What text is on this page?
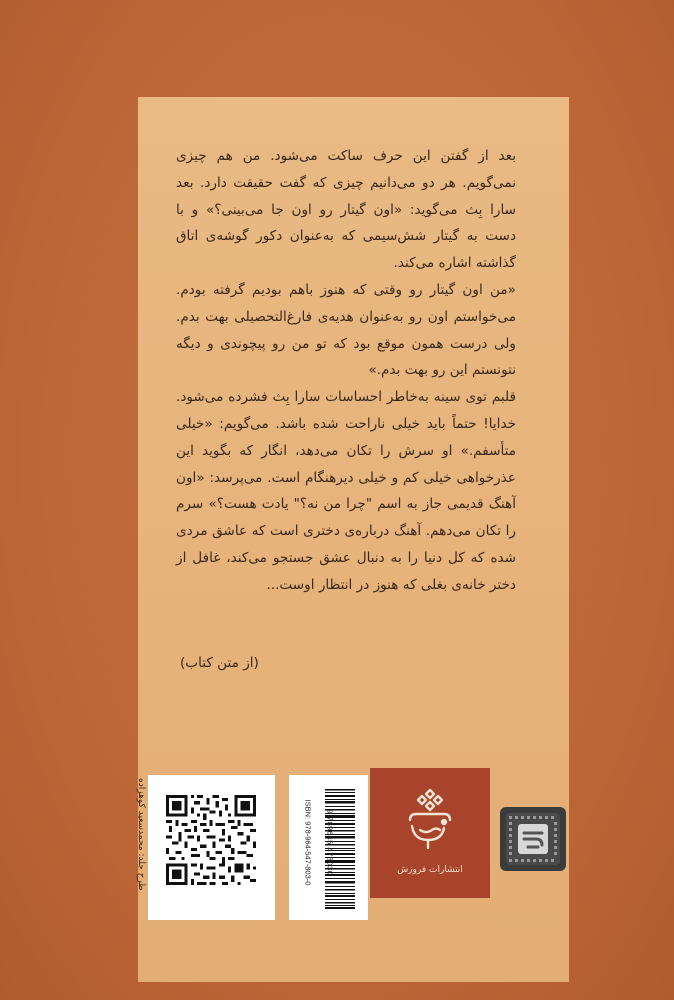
بعد از گفتن این حرف ساکت می‌شود. من هم چیزی نمی‌گویم. هر دو می‌دانیم چیزی که گفت حقیقت دارد. بعد سارا بِث می‌گوید: «اون گیتار رو اون جا می‌بینی؟» و با دست به گیتار شش‌سیمی که به‌عنوان دکور گوشه‌ی اتاق گذاشته اشاره می‌کند.

«من اون گیتار رو وقتی که هنوز باهم بودیم گرفته بودم. می‌خواستم اون رو به‌عنوان هدیه‌ی فارغ‌التحصیلی بهت بدم. ولی درست همون موقع بود که تو من رو پیچوندی و دیگه نتونستم این رو بهت بدم.»

قلبم توی سینه به‌خاطر احساسات سارا بِث فشرده می‌شود. خدایا! حتماً باید خیلی ناراحت شده باشد. می‌گویم: «خیلی متأسفم.» او سرش را تکان می‌دهد، انگار که بگوید این عذرخواهی خیلی کم و خیلی دیرهنگام است. می‌پرسد: «اون آهنگ قدیمی جاز به اسم "چرا من نه؟" یادت هست؟» سرم را تکان می‌دهم. آهنگ درباره‌ی دختری است که عاشق مردی شده که کل دنیا را به دنبال عشق جستجو می‌کند، غافل از دختر خانه‌ی بغلی که هنوز در انتظار اوست...

(از متن کتاب)
ISBN: 978-964-547-803-0 9 789645 478030	انتشارات فروزش
طرح جلد: محمدسعید کوهزاده
